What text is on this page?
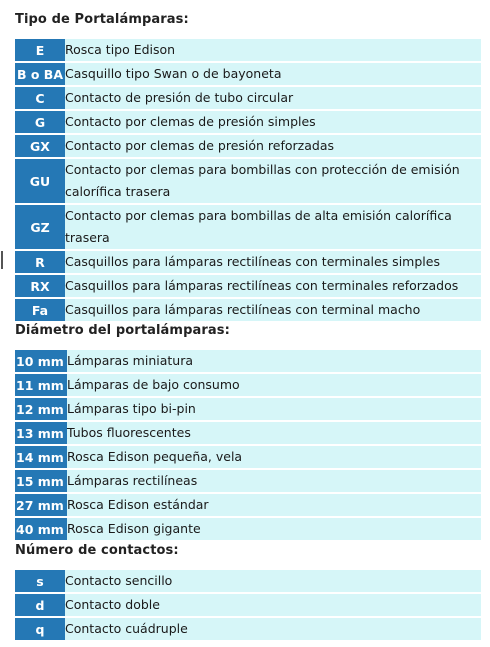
Tipo de Portalámparas:
E	Rosca tipo Edison
B o BA	Casquillo tipo Swan o de bayoneta
C	Contacto de presión de tubo circular
G	Contacto por clemas de presión simples
GX	Contacto por clemas de presión reforzadas
GU	Contacto por clemas para bombillas con protección de emisión calorífica trasera
GZ	Contacto por clemas para bombillas de alta emisión calorífica trasera
R	Casquillos para lámparas rectilíneas con terminales simples
RX	Casquillos para lámparas rectilíneas con terminales reforzados
Fa	Casquillos para lámparas rectilíneas con terminal macho
Diámetro del portalámparas:
10 mm	Lámparas miniatura
11 mm	Lámparas de bajo consumo
12 mm	Lámparas tipo bi-pin
13 mm	Tubos fluorescentes
14 mm	Rosca Edison pequeña, vela
15 mm	Lámparas rectilíneas
27 mm	Rosca Edison estándar
40 mm	Rosca Edison gigante
Número de contactos:
s	Contacto sencillo
d	Contacto doble
q	Contacto cuádruple
